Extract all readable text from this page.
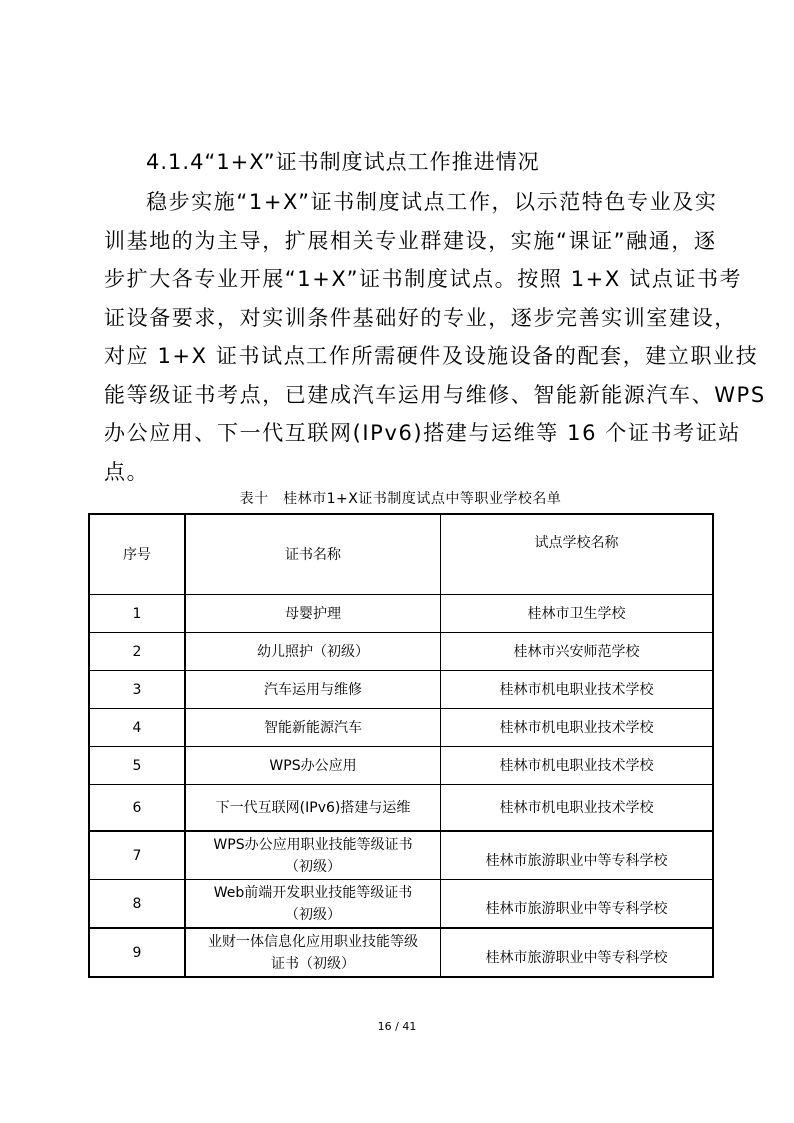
4.1.4“1+X”证书制度试点工作推进情况
稳步实施“1+X”证书制度试点工作，以示范特色专业及实
训基地的为主导，扩展相关专业群建设，实施“课证”融通，逐
步扩大各专业开展“1+X”证书制度试点。按照 1+X 试点证书考
证设备要求，对实训条件基础好的专业，逐步完善实训室建设，
对应 1+X 证书试点工作所需硬件及设施设备的配套，建立职业技
能等级证书考点，已建成汽车运用与维修、智能新能源汽车、WPS
办公应用、下一代互联网(IPv6)搭建与运维等 16 个证书考证站
点。
表十　桂林市1+X证书制度试点中等职业学校名单
序号	证书名称	试点学校名称
1	母婴护理	桂林市卫生学校
2	幼儿照护（初级）	桂林市兴安师范学校
3	汽车运用与维修	桂林市机电职业技术学校
4	智能新能源汽车	桂林市机电职业技术学校
5	WPS办公应用	桂林市机电职业技术学校
6	下一代互联网(IPv6)搭建与运维	桂林市机电职业技术学校
7	WPS办公应用职业技能等级证书
（初级）	桂林市旅游职业中等专科学校
8	Web前端开发职业技能等级证书
（初级）	桂林市旅游职业中等专科学校
9	业财一体信息化应用职业技能等级
证书（初级）	桂林市旅游职业中等专科学校
16 / 41
